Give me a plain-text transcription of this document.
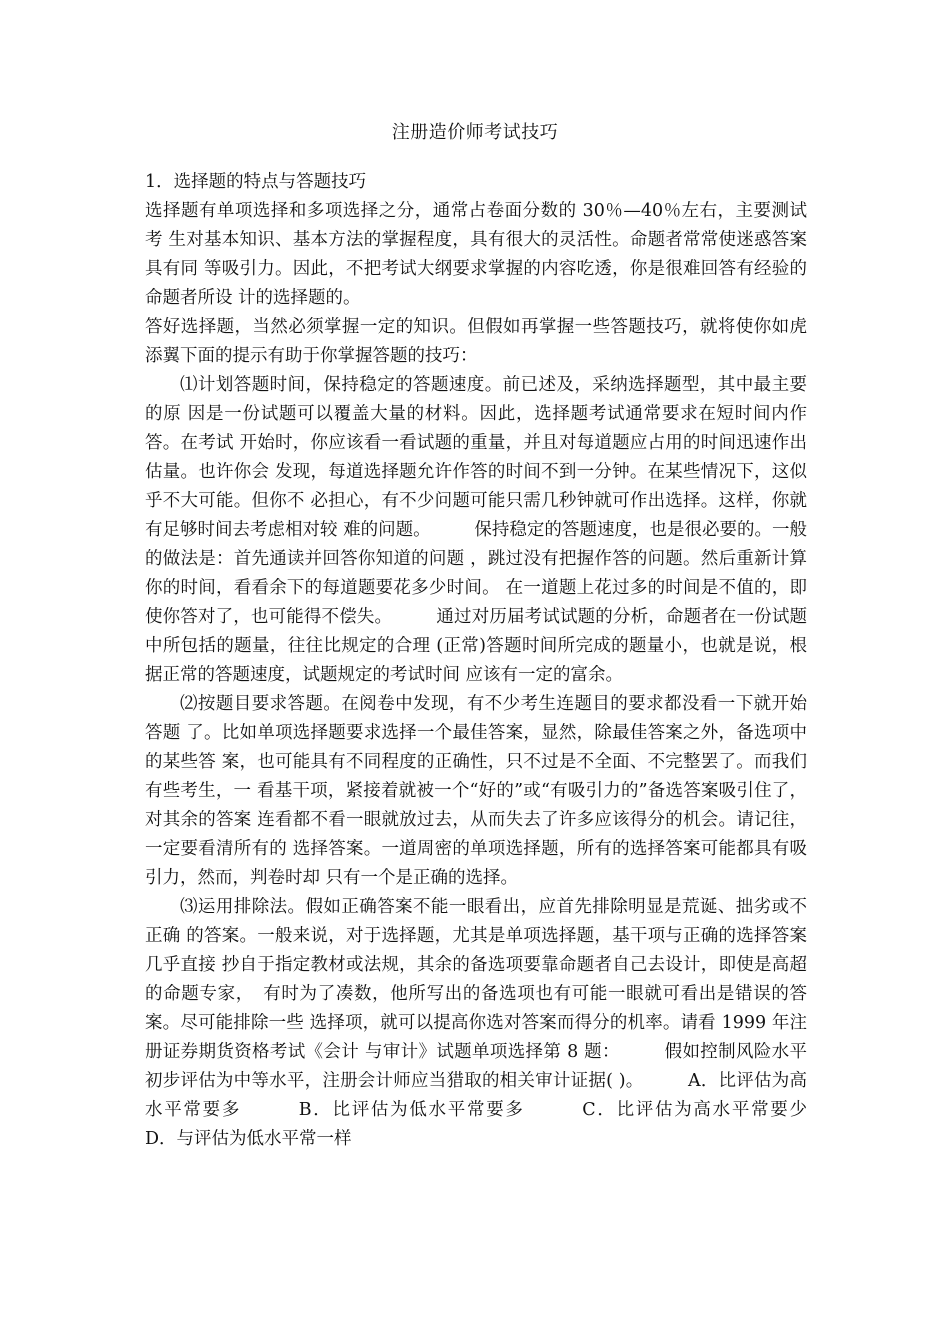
注册造价师考试技巧

1．选择题的特点与答题技巧

选择题有单项选择和多项选择之分，通常占卷面分数的 30％—40％左右，主要测试考 生对基本知识、基本方法的掌握程度，具有很大的灵活性。命题者常常使迷惑答案具有同 等吸引力。因此，不把考试大纲要求掌握的内容吃透，你是很难回答有经验的命题者所设 计的选择题的。

答好选择题，当然必须掌握一定的知识。但假如再掌握一些答题技巧，就将使你如虎 添翼下面的提示有助于你掌握答题的技巧：

⑴计划答题时间，保持稳定的答题速度。前已述及，采纳选择题型，其中最主要的原 因是一份试题可以覆盖大量的材料。因此，选择题考试通常要求在短时间内作答。在考试 开始时，你应该看一看试题的重量，并且对每道题应占用的时间迅速作出估量。也许你会 发现，每道选择题允许作答的时间不到一分钟。在某些情况下，这似乎不大可能。但你不 必担心，有不少问题可能只需几秒钟就可作出选择。这样，你就有足够时间去考虑相对较 难的问题。　　　保持稳定的答题速度，也是很必要的。一般的做法是：首先通读并回答你知道的问题 ，跳过没有把握作答的问题。然后重新计算你的时间，看看余下的每道题要花多少时间。 在一道题上花过多的时间是不值的，即使你答对了，也可能得不偿失。　　　通过对历届考试试题的分析，命题者在一份试题中所包括的题量，往往比规定的合理 (正常)答题时间所完成的题量小，也就是说，根据正常的答题速度，试题规定的考试时间 应该有一定的富余。

⑵按题目要求答题。在阅卷中发现，有不少考生连题目的要求都没看一下就开始答题 了。比如单项选择题要求选择一个最佳答案，显然，除最佳答案之外，备选项中的某些答 案，也可能具有不同程度的正确性，只不过是不全面、不完整罢了。而我们有些考生，一 看基干项，紧接着就被一个“好的”或“有吸引力的”备选答案吸引住了，对其余的答案 连看都不看一眼就放过去，从而失去了许多应该得分的机会。请记往，一定要看清所有的 选择答案。一道周密的单项选择题，所有的选择答案可能都具有吸引力，然而，判卷时却 只有一个是正确的选择。

⑶运用排除法。假如正确答案不能一眼看出，应首先排除明显是荒诞、拙劣或不正确 的答案。一般来说，对于选择题，尤其是单项选择题，基干项与正确的选择答案几乎直接 抄自于指定教材或法规，其余的备选项要靠命题者自己去设计，即使是高超的命题专家，　有时为了凑数，他所写出的备选项也有可能一眼就可看出是错误的答案。尽可能排除一些 选择项，就可以提高你选对答案而得分的机率。请看 1999 年注册证券期货资格考试《会计 与审计》试题单项选择第 8 题：　　　假如控制风险水平初步评估为中等水平，注册会计师应当猎取的相关审计证据( )。　　　A．比评估为高水平常要多　　　B．比评估为低水平常要多　　　C．比评估为高水平常要少　　　D．与评估为低水平常一样
